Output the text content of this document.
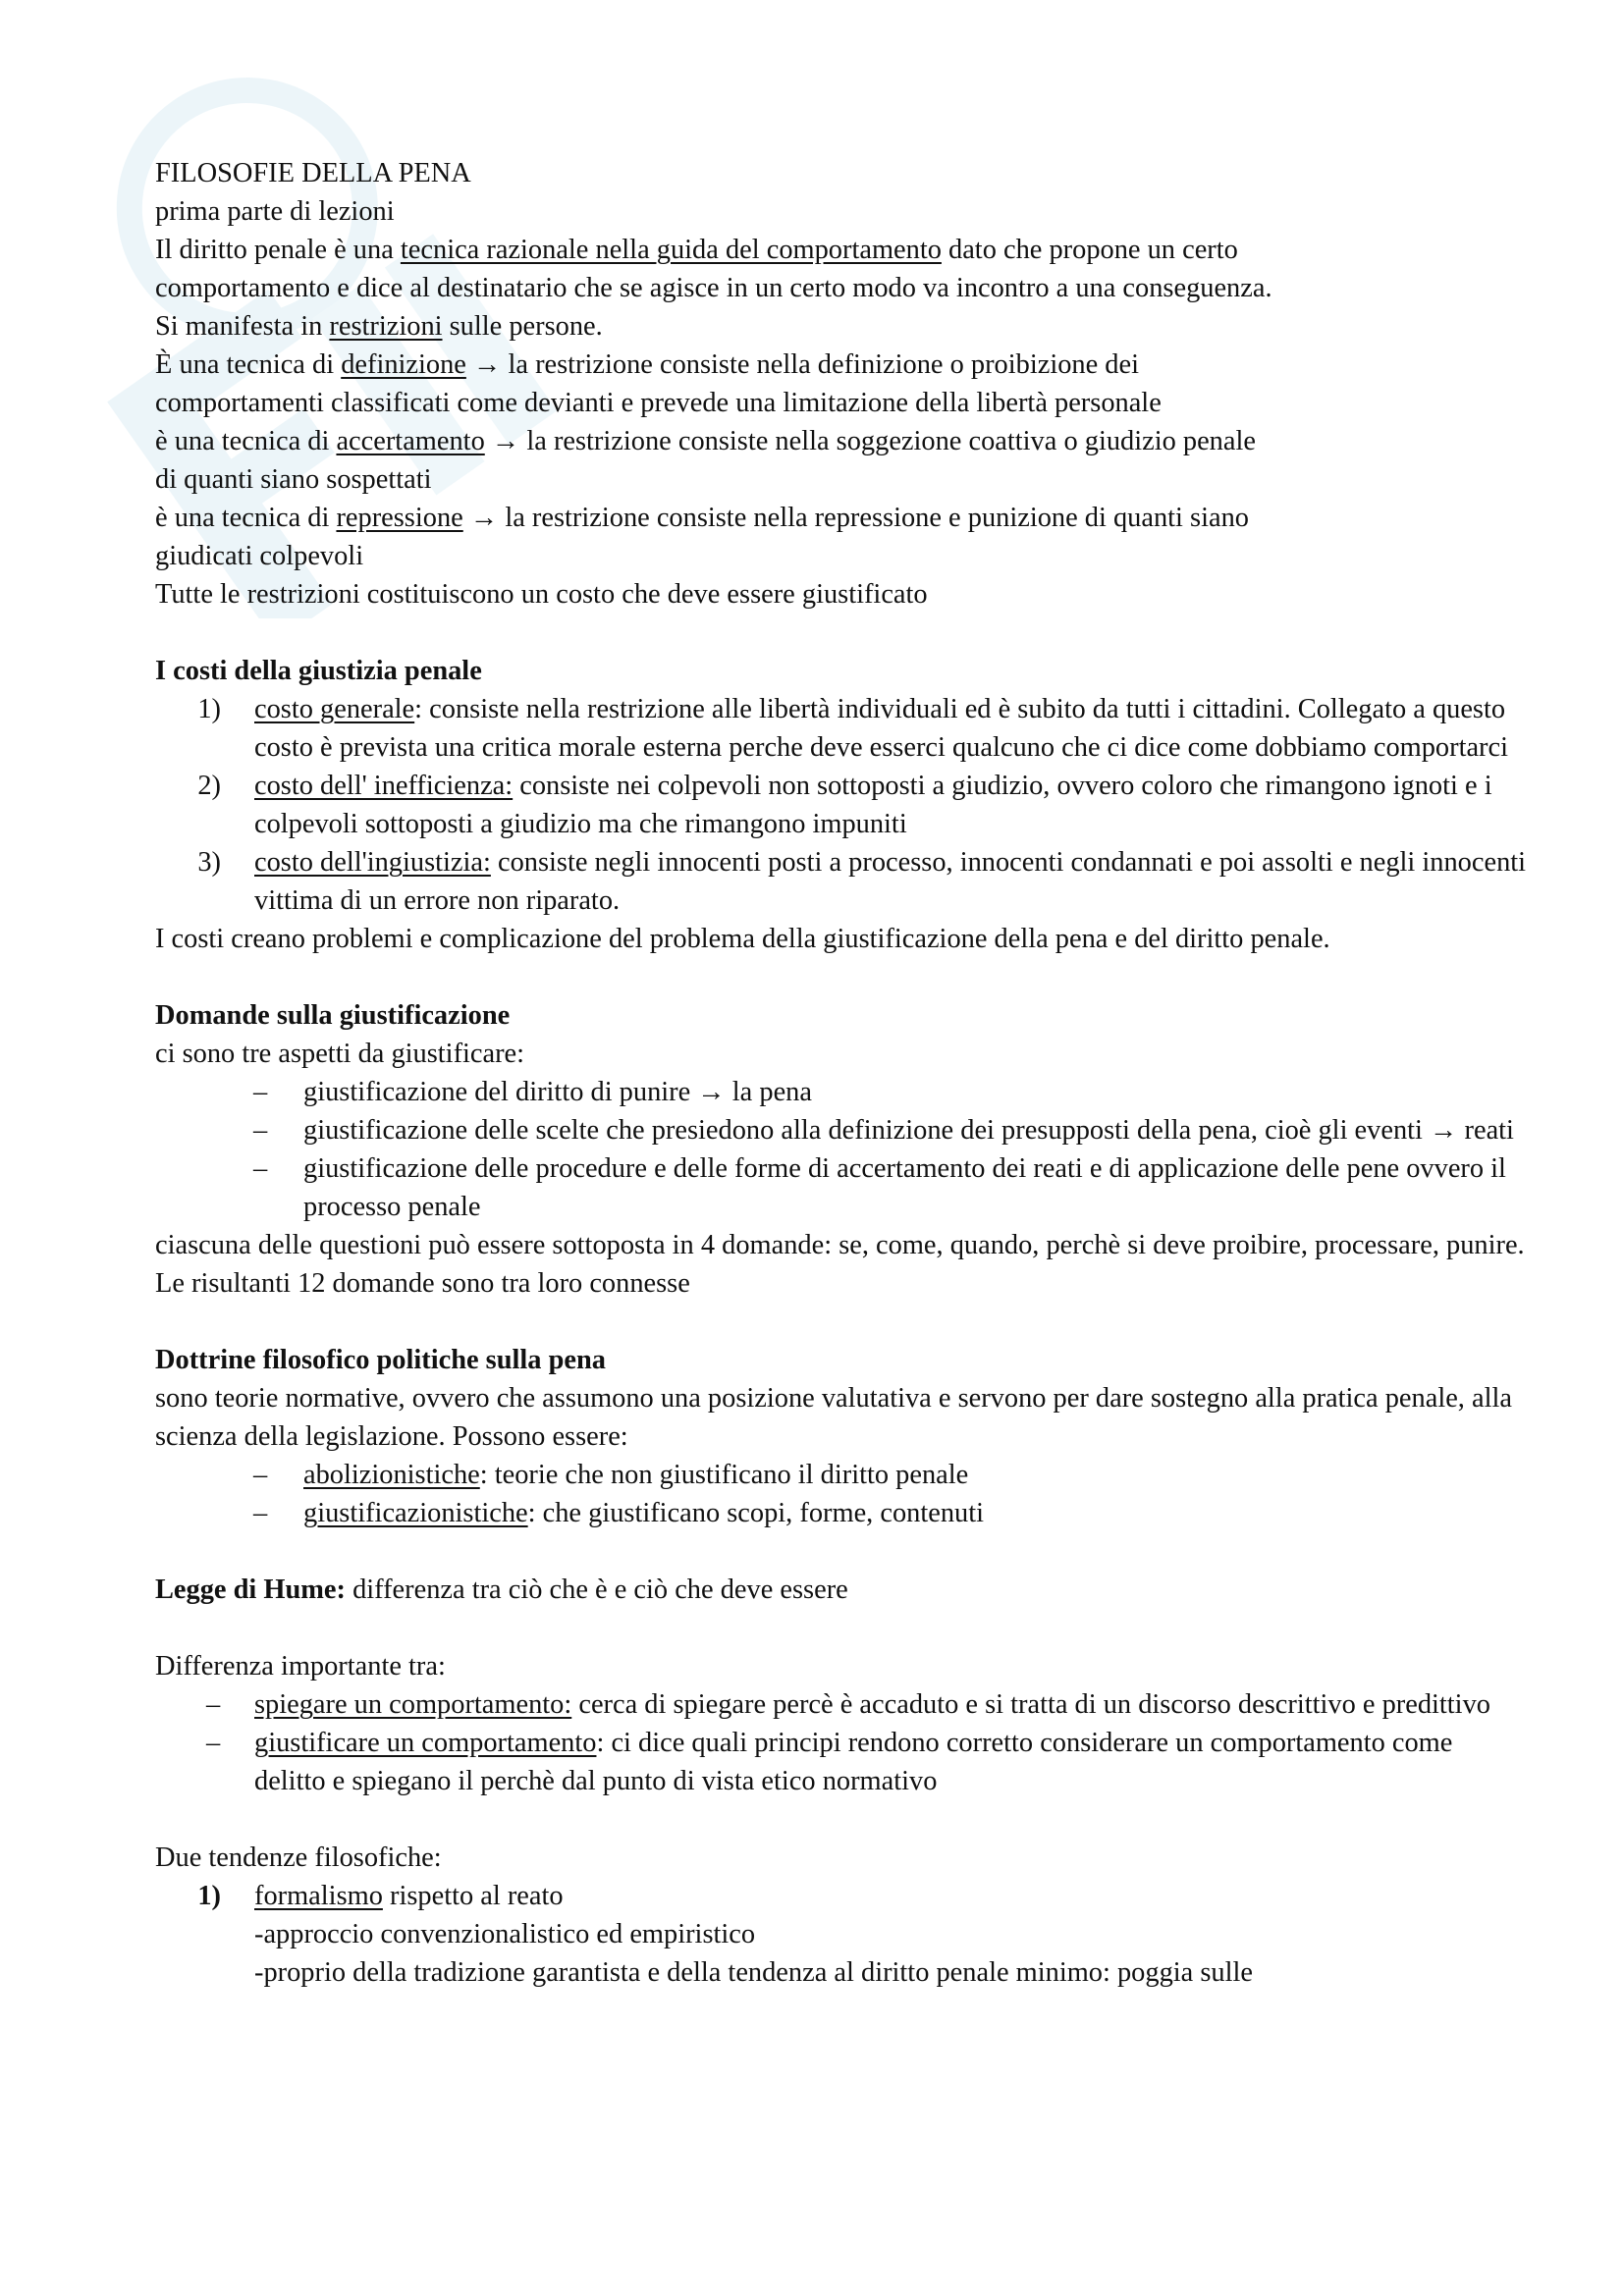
FILOSOFIE DELLA PENA

prima parte di lezioni

Il diritto penale è una tecnica razionale nella guida del comportamento dato che propone un certo
comportamento e dice al destinatario che se agisce in un certo modo va incontro a una conseguenza.
Si manifesta in restrizioni sulle persone.
È una tecnica di definizione → la restrizione consiste nella definizione o proibizione dei
comportamenti classificati come devianti e prevede una limitazione della libertà personale
è una tecnica di accertamento → la restrizione consiste nella soggezione coattiva o giudizio penale
di quanti siano sospettati
è una tecnica di repressione → la restrizione consiste nella repressione e punizione di quanti siano
giudicati colpevoli
Tutte le restrizioni costituiscono un costo che deve essere giustificato

I costi della giustizia penale

1) costo generale: consiste nella restrizione alle libertà individuali ed è subito da tutti i cittadini. Collegato a questo costo è prevista una critica morale esterna perche deve esserci qualcuno che ci dice come dobbiamo comportarci

2) costo dell' inefficienza: consiste nei colpevoli non sottoposti a giudizio, ovvero coloro che rimangono ignoti e i colpevoli sottoposti a giudizio ma che rimangono impuniti

3) costo dell'ingiustizia: consiste negli innocenti posti a processo, innocenti condannati e poi assolti e negli innocenti vittima di un errore non riparato.

I costi creano problemi e complicazione del problema della giustificazione della pena e del diritto penale.

Domande sulla giustificazione

ci sono tre aspetti da giustificare:

– giustificazione del diritto di punire → la pena

– giustificazione delle scelte che presiedono alla definizione dei presupposti della pena, cioè gli eventi → reati

– giustificazione delle procedure e delle forme di accertamento dei reati e di applicazione delle pene ovvero il processo penale

ciascuna delle questioni può essere sottoposta in 4 domande: se, come, quando, perchè si deve proibire, processare, punire. Le risultanti 12 domande sono tra loro connesse

Dottrine filosofico politiche sulla pena

sono teorie normative, ovvero che assumono una posizione valutativa e servono per dare sostegno alla pratica penale, alla scienza della legislazione. Possono essere:

– abolizionistiche: teorie che non giustificano il diritto penale

– giustificazionistiche: che giustificano scopi, forme, contenuti

Legge di Hume: differenza tra ciò che è e ciò che deve essere

Differenza importante tra:

– spiegare un comportamento: cerca di spiegare percè è accaduto e si tratta di un discorso descrittivo e predittivo

– giustificare un comportamento: ci dice quali principi rendono corretto considerare un comportamento come delitto e spiegano il perchè dal punto di vista etico normativo

Due tendenze filosofiche:

1) formalismo rispetto al reato
-approccio convenzionalistico ed empiristico
-proprio della tradizione garantista e della tendenza al diritto penale minimo: poggia sulle
